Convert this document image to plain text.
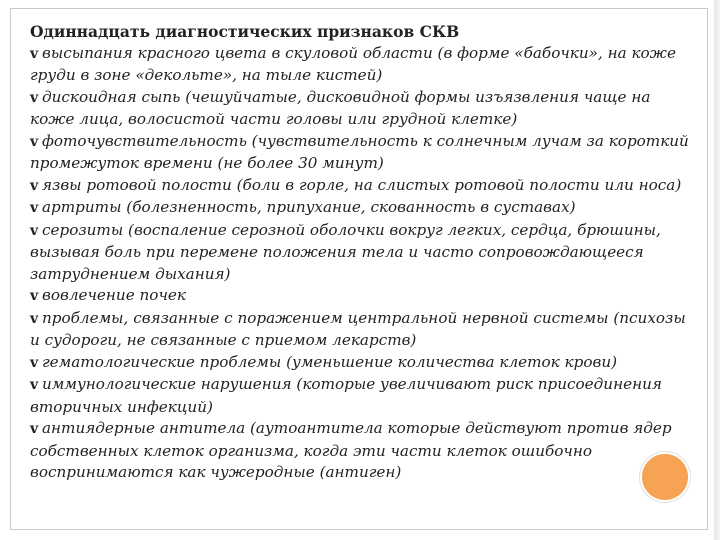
Одиннадцать диагностических признаков СКВ

v высыпания красного цвета в скуловой области (в форме «бабочки», на коже груди в зоне «декольте», на тыле кистей)

v дискоидная сыпь (чешуйчатые, дисковидной формы изъязвления чаще на коже лица, волосистой части головы или грудной клетке)

v фоточувствительность (чувствительность к солнечным лучам за короткий промежуток времени (не более 30 минут)

v язвы ротовой полости (боли в горле, на слистых ротовой полости или носа)

v артриты (болезненность, припухание, скованность в суставах)

v серозиты (воспаление серозной оболочки вокруг легких, сердца, брюшины, вызывая боль при перемене положения тела и часто сопровождающееся затруднением дыхания)

v вовлечение почек

v проблемы, связанные с поражением центральной нервной системы (психозы и судороги, не связанные с приемом лекарств)

v гематологические проблемы (уменьшение количества клеток крови)

v иммунологические нарушения (которые увеличивают риск присоединения вторичных инфекций)

v антиядерные антитела (аутоантитела которые действуют против ядер собственных клеток организма, когда эти части клеток ошибочно воспринимаются как чужеродные (антиген)
